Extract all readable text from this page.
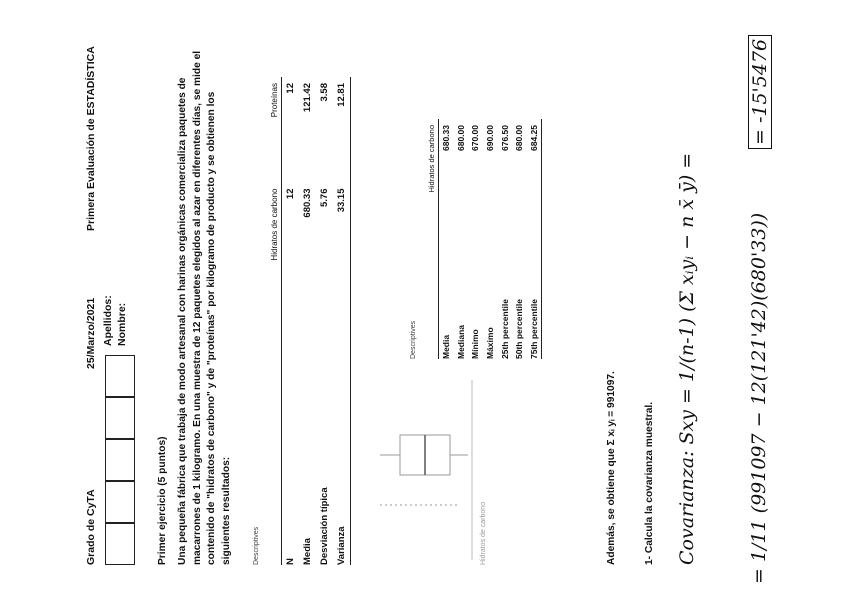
Grado de CyTA
25/Marzo/2021
Primera Evaluación de ESTADÍSTICA
Apellidos: Nombre:
Primer ejercicio (5 puntos) Una pequeña fábrica que trabaja de modo artesanal con harinas orgánicas comercializa paquetes de macarrones de 1 kilogramo. En una muestra de 12 paquetes elegidos al azar en diferentes días, se mide el contenido de "hidratos de carbono" y de "proteínas" por kilogramo de producto y se obtienen los siguientes resultados:	Descriptives
	Hidratos de carbono	Proteínas
N	12	12
Media	680.33	121.42
Desviación típica	5.76	3.58
Varianza	33.15	12.81
Hidratos de carbono
Descriptives
	Hidratos de carbono
Media	680.33
Mediana	680.00
Mínimo	670.00
Máximo	690.00
25th percentile	676.50
50th percentile	680.00
75th percentile	684.25
Además, se obtiene que Σ xᵢ yᵢ = 991097.	1- Calcula la covarianza muestral. Covarianza: Sxy = 1/(n-1) (Σ xᵢyᵢ − n x̄ ȳ) =	= 1/11 (991097 − 12(121'42)(680'33))
= -15'5476
